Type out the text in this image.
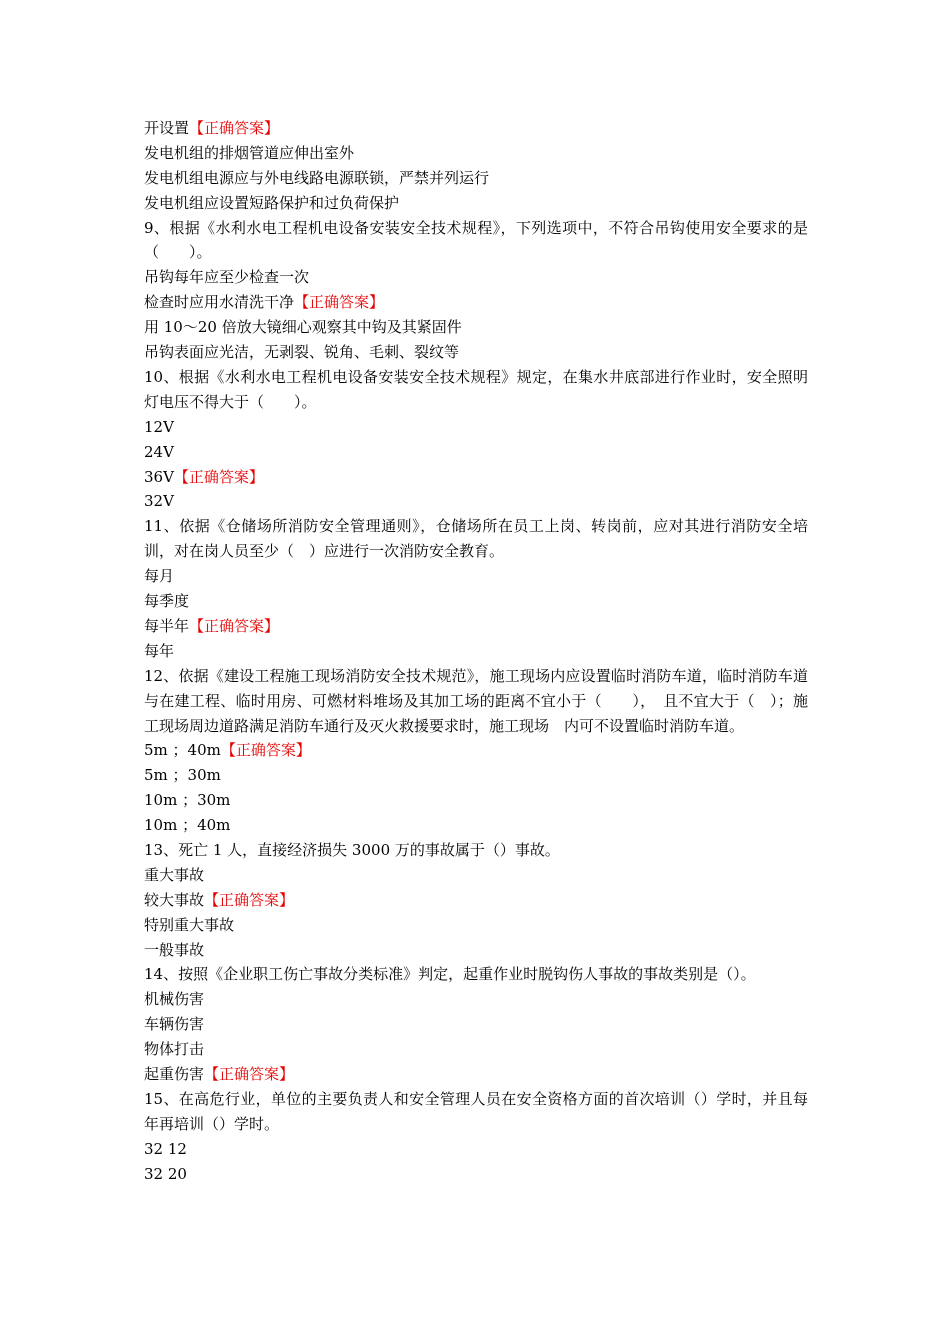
开设置【正确答案】
发电机组的排烟管道应伸出室外
发电机组电源应与外电线路电源联锁，严禁并列运行
发电机组应设置短路保护和过负荷保护
9、根据《水利水电工程机电设备安装安全技术规程》，下列选项中，不符合吊钩使用安全要求的是（　　）。
吊钩每年应至少检查一次
检查时应用水清洗干净【正确答案】
用 10～20 倍放大镜细心观察其中钩及其紧固件
吊钩表面应光洁，无剥裂、锐角、毛刺、裂纹等
10、根据《水利水电工程机电设备安装安全技术规程》规定，在集水井底部进行作业时，安全照明灯电压不得大于（　　）。
12V
24V
36V【正确答案】
32V
11、依据《仓储场所消防安全管理通则》，仓储场所在员工上岗、转岗前，应对其进行消防安全培训，对在岗人员至少（　）应进行一次消防安全教育。
每月
每季度
每半年【正确答案】
每年
12、依据《建设工程施工现场消防安全技术规范》，施工现场内应设置临时消防车道，临时消防车道与在建工程、临时用房、可燃材料堆场及其加工场的距离不宜小于（　　），　且不宜大于（　）；施工现场周边道路满足消防车通行及灭火救援要求时，施工现场　内可不设置临时消防车道。
5m ；40m【正确答案】
5m ；30m
10m ；30m
10m ；40m
13、死亡 1 人，直接经济损失 3000 万的事故属于（）事故。
重大事故
较大事故【正确答案】
特别重大事故
一般事故
14、按照《企业职工伤亡事故分类标准》判定，起重作业时脱钩伤人事故的事故类别是（）。
机械伤害
车辆伤害
物体打击
起重伤害【正确答案】
15、在高危行业，单位的主要负责人和安全管理人员在安全资格方面的首次培训（）学时，并且每年再培训（）学时。
32 12
32 20
